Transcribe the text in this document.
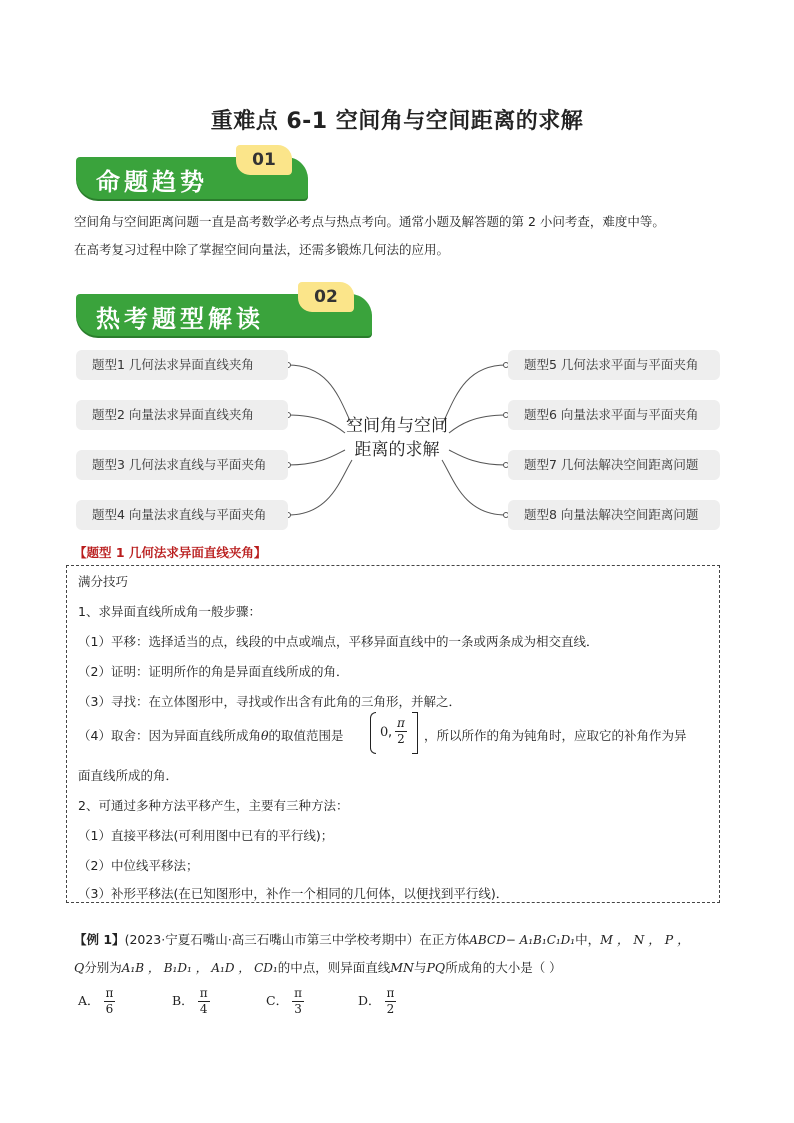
重难点 6-1 空间角与空间距离的求解
命题趋势
01
空间角与空间距离问题一直是高考数学必考点与热点考向。通常小题及解答题的第 2 小问考查，难度中等。
在高考复习过程中除了掌握空间向量法，还需多锻炼几何法的应用。
热考题型解读
02
题型1 几何法求异面直线夹角
题型2 向量法求异面直线夹角
题型3 几何法求直线与平面夹角
题型4 向量法求直线与平面夹角
题型5 几何法求平面与平面夹角
题型6 向量法求平面与平面夹角
题型7 几何法解决空间距离问题
题型8 向量法解决空间距离问题
空间角与空间
距离的求解
【题型 1 几何法求异面直线夹角】
满分技巧
1、求异面直线所成角一般步骤：
（1）平移：选择适当的点，线段的中点或端点，平移异面直线中的一条或两条成为相交直线．
（2）证明：证明所作的角是异面直线所成的角．
（3）寻找：在立体图形中，寻找或作出含有此角的三角形，并解之．
（4）取舍：因为异面直线所成角θ的取值范围是	0 , $\frac{\pi}{2}$ ，所以所作的角为钝角时，应取它的补角作为异
面直线所成的角．
2、可通过多种方法平移产生，主要有三种方法：
（1）直接平移法(可利用图中已有的平行线)；
（2）中位线平移法；
（3）补形平移法(在已知图形中，补作一个相同的几何体，以便找到平行线)．
【例 1】(2023·宁夏石嘴山·高三石嘴山市第三中学校考期中）在正方体ABCD− A₁B₁C₁D₁中，M ， N ， P ，
Q分别为A₁B ， B₁D₁ ， A₁D ， CD₁的中点，则异面直线MN与PQ所成角的大小是（ ）
A． $\frac{\pi}{6}$	B． $\frac{\pi}{4}$	C． $\frac{\pi}{3}$	D． $\frac{\pi}{2}$
